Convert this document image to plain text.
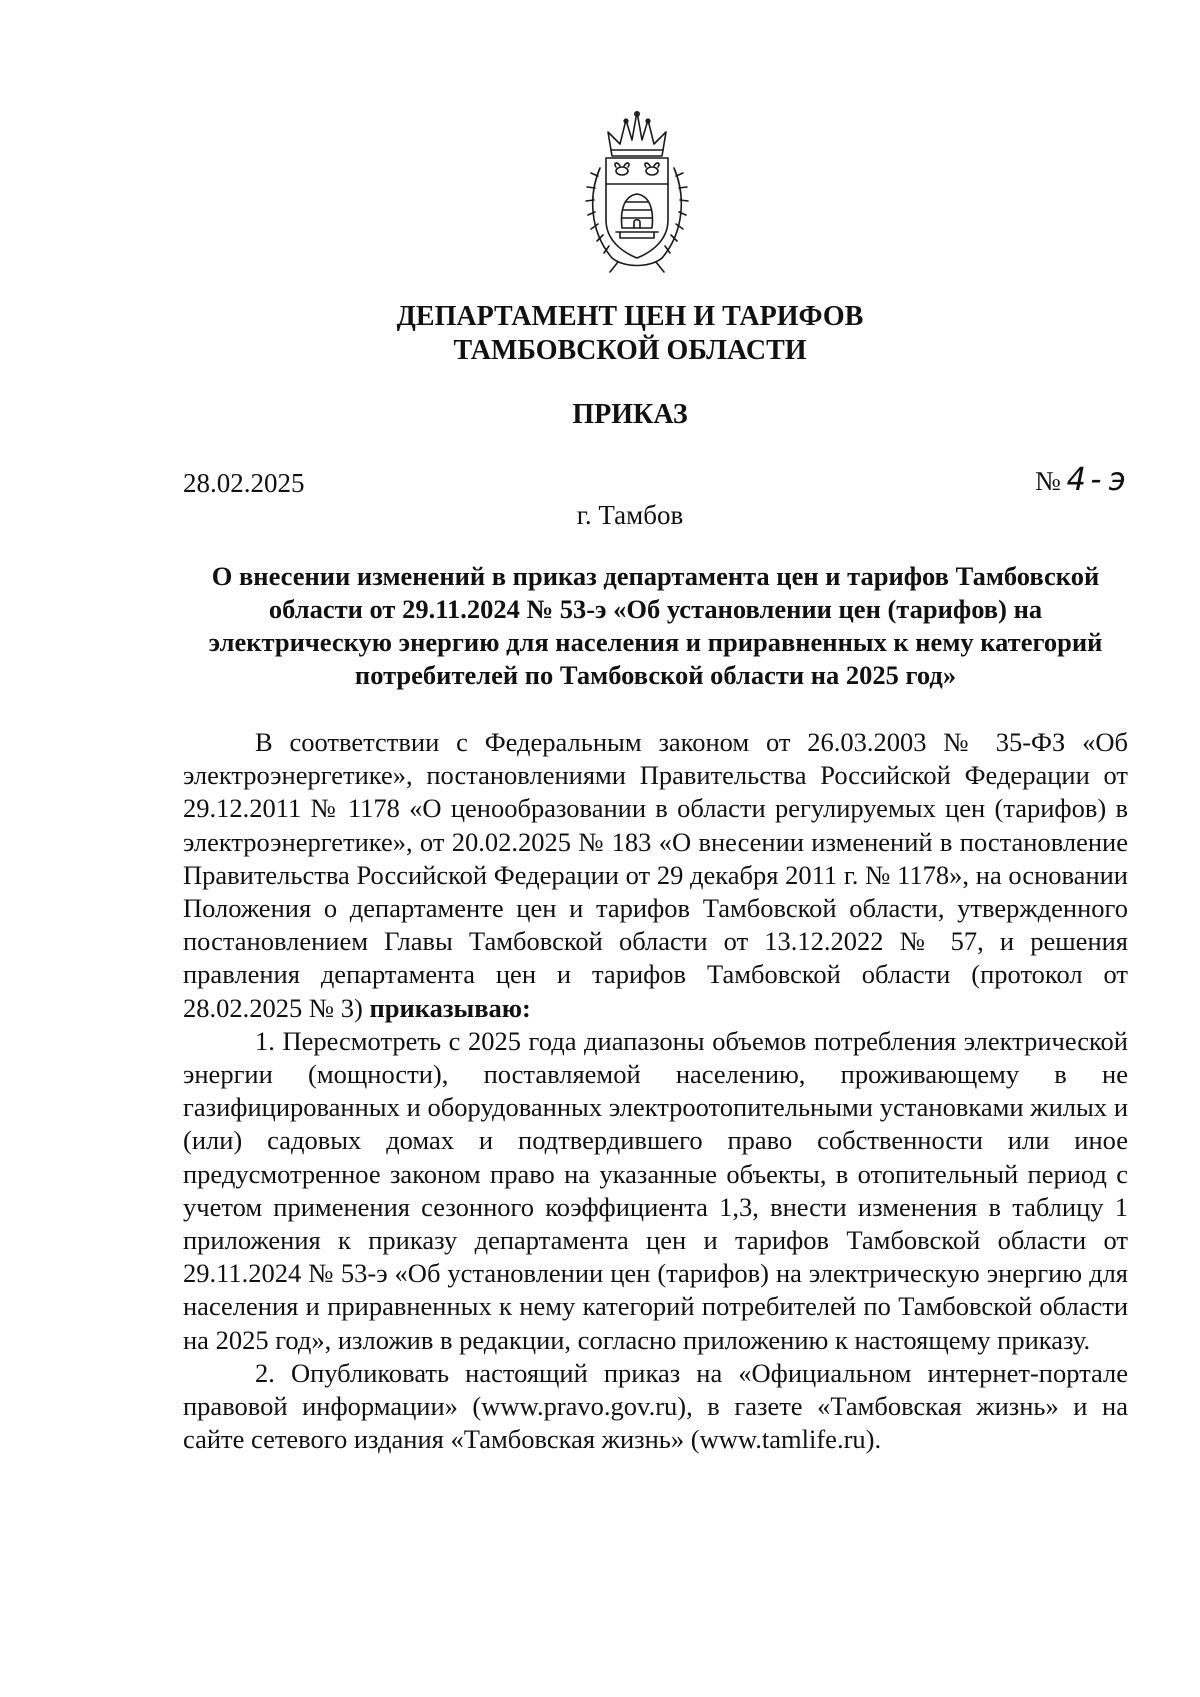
ДЕПАРТАМЕНТ ЦЕН И ТАРИФОВ
ТАМБОВСКОЙ ОБЛАСТИ
ПРИКАЗ
28.02.2025	№ 4-э
г. Тамбов
О внесении изменений в приказ департамента цен и тарифов Тамбовской области от 29.11.2024 № 53-э «Об установлении цен (тарифов) на электрическую энергию для населения и приравненных к нему категорий потребителей по Тамбовской области на 2025 год»

В соответствии с Федеральным законом от 26.03.2003 № 35-ФЗ «Об электроэнергетике», постановлениями Правительства Российской Федерации от 29.12.2011 № 1178 «О ценообразовании в области регулируемых цен (тарифов) в электроэнергетике», от 20.02.2025 № 183 «О внесении изменений в постановление Правительства Российской Федерации от 29 декабря 2011 г. № 1178», на основании Положения о департаменте цен и тарифов Тамбовской области, утвержденного постановлением Главы Тамбовской области от 13.12.2022 № 57, и решения правления департамента цен и тарифов Тамбовской области (протокол от 28.02.2025 № 3) приказываю:

1. Пересмотреть с 2025 года диапазоны объемов потребления электрической энергии (мощности), поставляемой населению, проживающему в не газифицированных и оборудованных электроотопительными установками жилых и (или) садовых домах и подтвердившего право собственности или иное предусмотренное законом право на указанные объекты, в отопительный период с учетом применения сезонного коэффициента 1,3, внести изменения в таблицу 1 приложения к приказу департамента цен и тарифов Тамбовской области от 29.11.2024 № 53-э «Об установлении цен (тарифов) на электрическую энергию для населения и приравненных к нему категорий потребителей по Тамбовской области на 2025 год», изложив в редакции, согласно приложению к настоящему приказу.

2. Опубликовать настоящий приказ на «Официальном интернет-портале правовой информации» (www.pravo.gov.ru), в газете «Тамбовская жизнь» и на сайте сетевого издания «Тамбовская жизнь» (www.tamlife.ru).
